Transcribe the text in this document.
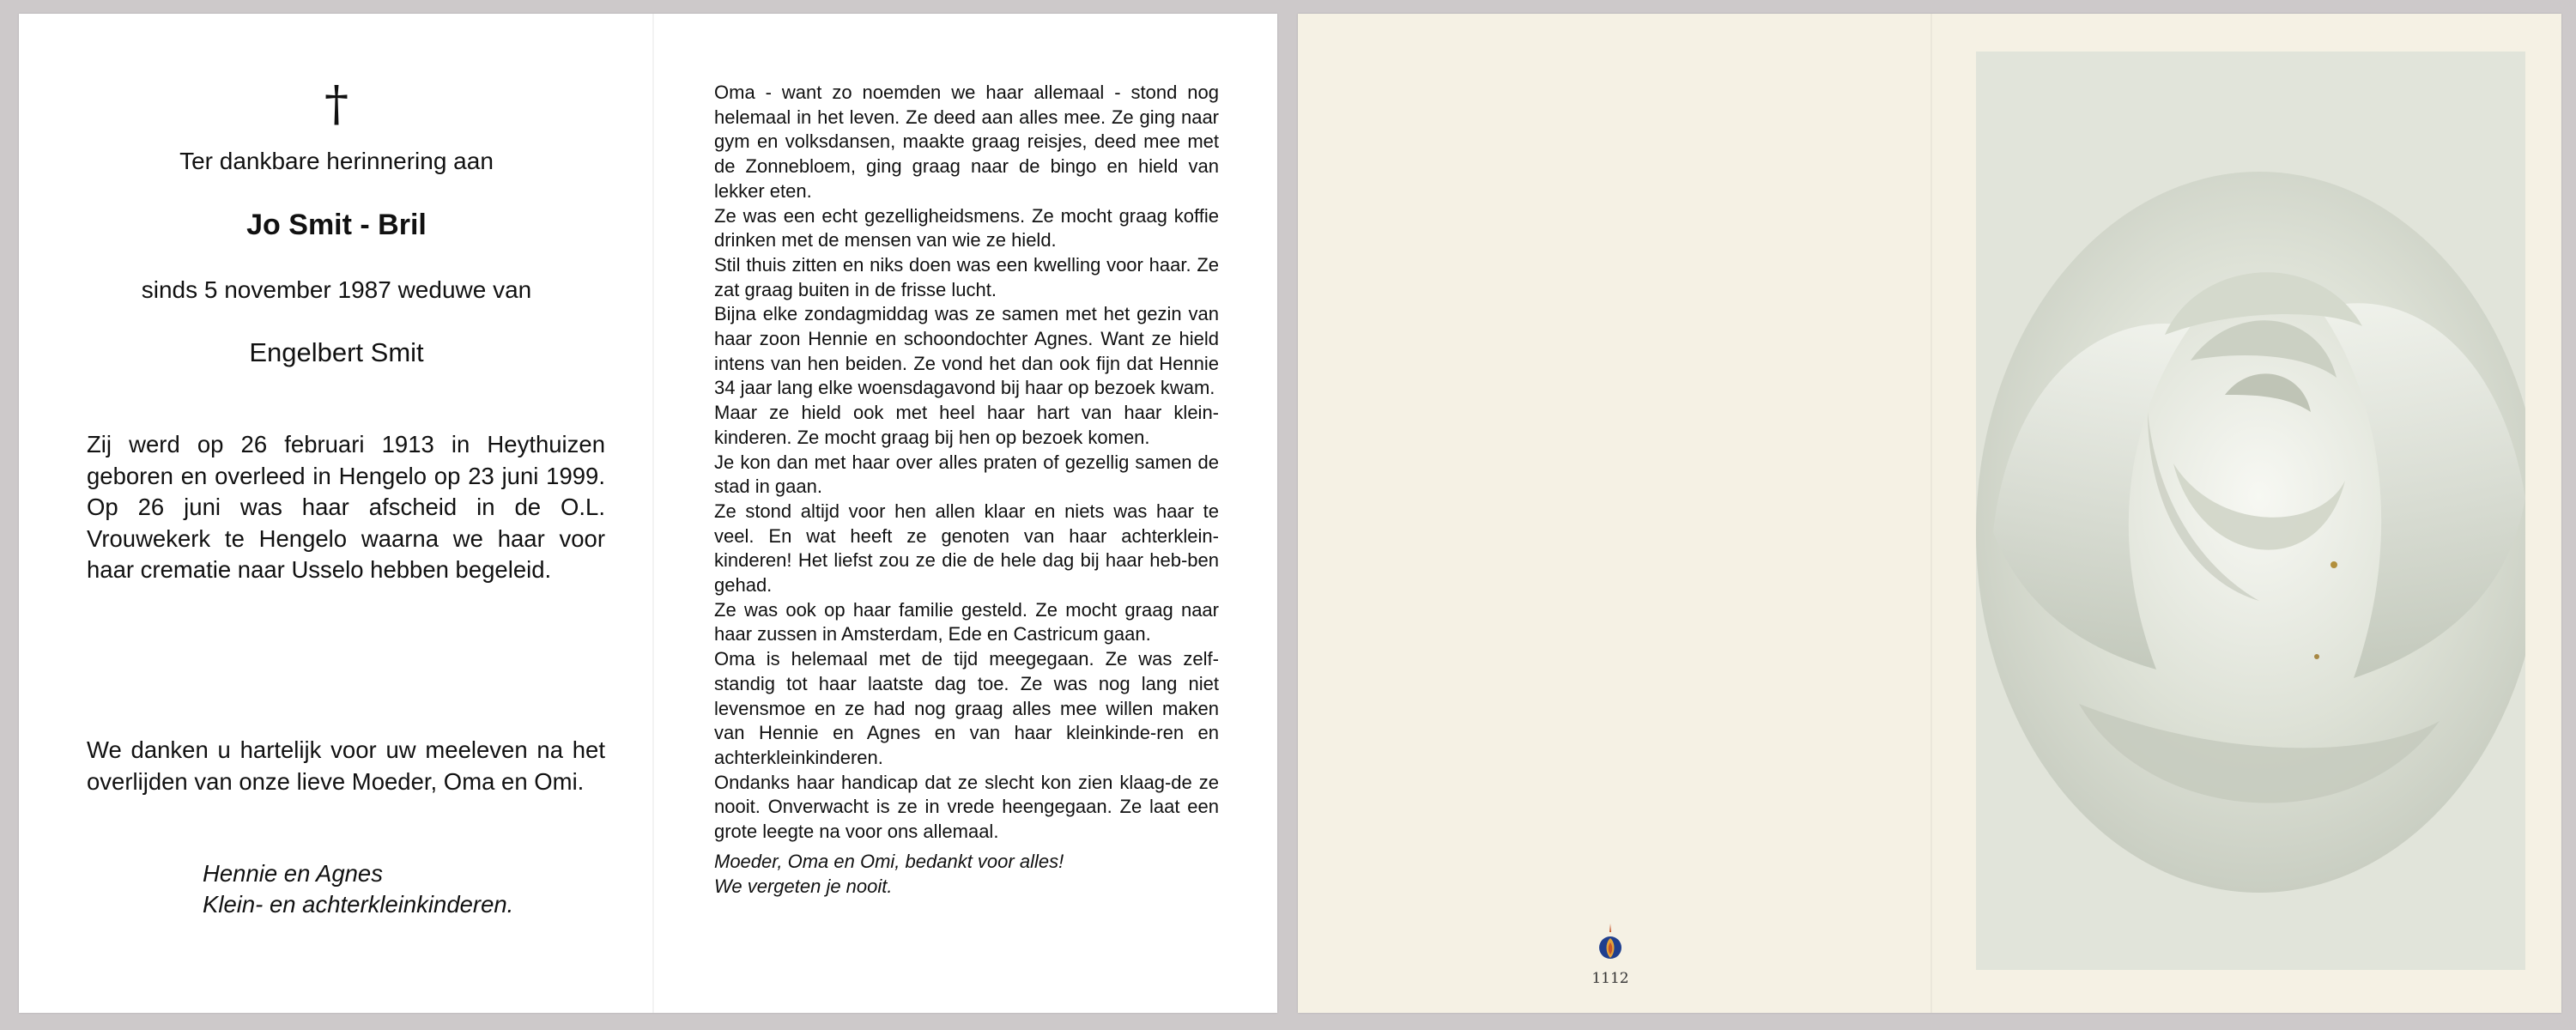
†

Ter dankbare herinnering aan

Jo Smit - Bril

sinds 5 november 1987 weduwe van

Engelbert Smit

Zij werd op 26 februari 1913 in Heythuizen geboren en overleed in Hengelo op 23 juni 1999. Op 26 juni was haar afscheid in de O.L. Vrouwekerk te Hengelo waarna we haar voor haar crematie naar Usselo hebben begeleid.

We danken u hartelijk voor uw meeleven na het overlijden van onze lieve Moeder, Oma en Omi.

Hennie en Agnes

Klein- en achterkleinkinderen.

Oma - want zo noemden we haar allemaal - stond nog helemaal in het leven. Ze deed aan alles mee. Ze ging naar gym en volksdansen, maakte graag reisjes, deed mee met de Zonnebloem, ging graag naar de bingo en hield van lekker eten.

Ze was een echt gezelligheidsmens. Ze mocht graag koffie drinken met de mensen van wie ze hield.

Stil thuis zitten en niks doen was een kwelling voor haar. Ze zat graag buiten in de frisse lucht.

Bijna elke zondagmiddag was ze samen met het gezin van haar zoon Hennie en schoondochter Agnes. Want ze hield intens van hen beiden. Ze vond het dan ook fijn dat Hennie 34 jaar lang elke woensdagavond bij haar op bezoek kwam.

Maar ze hield ook met heel haar hart van haar klein-kinderen. Ze mocht graag bij hen op bezoek komen.

Je kon dan met haar over alles praten of gezellig samen de stad in gaan.

Ze stond altijd voor hen allen klaar en niets was haar te veel. En wat heeft ze genoten van haar achterklein-kinderen! Het liefst zou ze die de hele dag bij haar heb-ben gehad.

Ze was ook op haar familie gesteld. Ze mocht graag naar haar zussen in Amsterdam, Ede en Castricum gaan.

Oma is helemaal met de tijd meegegaan. Ze was zelf-standig tot haar laatste dag toe. Ze was nog lang niet levensmoe en ze had nog graag alles mee willen maken van Hennie en Agnes en van haar kleinkinde-ren en achterkleinkinderen.

Ondanks haar handicap dat ze slecht kon zien klaag-de ze nooit. Onverwacht is ze in vrede heengegaan. Ze laat een grote leegte na voor ons allemaal.

Moeder, Oma en Omi, bedankt voor alles!

We vergeten je nooit.

1112
